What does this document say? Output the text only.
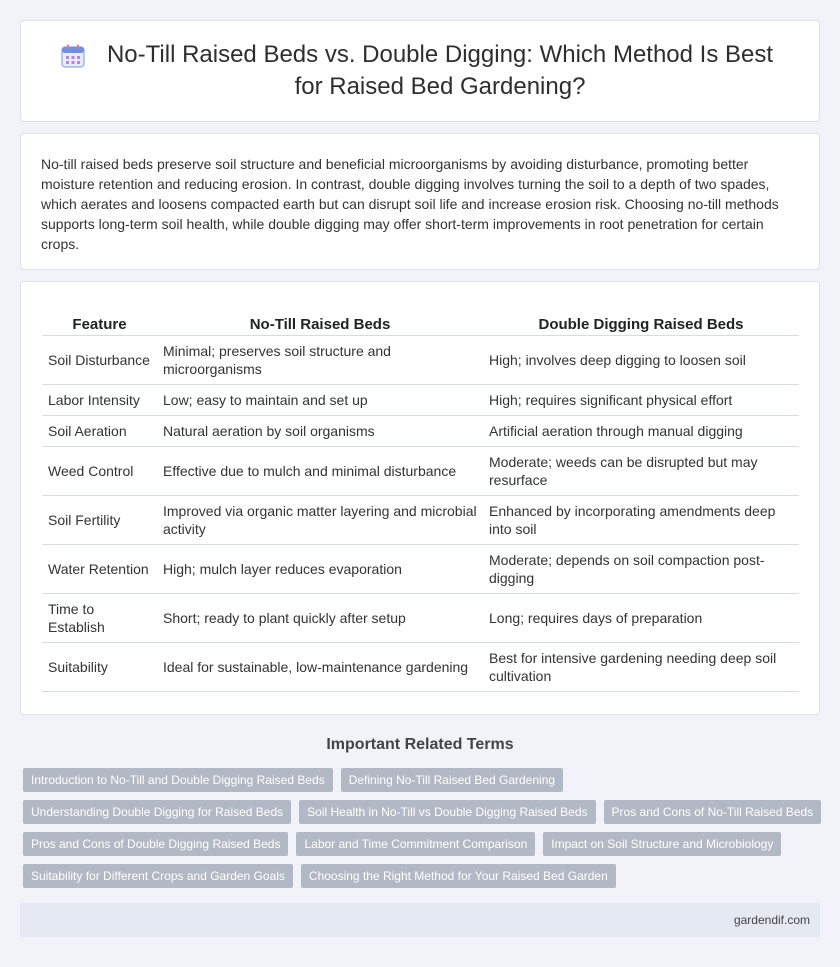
No-Till Raised Beds vs. Double Digging: Which Method Is Best for Raised Bed Gardening?

No-till raised beds preserve soil structure and beneficial microorganisms by avoiding disturbance, promoting better moisture retention and reducing erosion. In contrast, double digging involves turning the soil to a depth of two spades, which aerates and loosens compacted earth but can disrupt soil life and increase erosion risk. Choosing no-till methods supports long-term soil health, while double digging may offer short-term improvements in root penetration for certain crops.

Feature	No-Till Raised Beds	Double Digging Raised Beds
Soil Disturbance	Minimal; preserves soil structure and microorganisms	High; involves deep digging to loosen soil
Labor Intensity	Low; easy to maintain and set up	High; requires significant physical effort
Soil Aeration	Natural aeration by soil organisms	Artificial aeration through manual digging
Weed Control	Effective due to mulch and minimal disturbance	Moderate; weeds can be disrupted but may resurface
Soil Fertility	Improved via organic matter layering and microbial activity	Enhanced by incorporating amendments deep into soil
Water Retention	High; mulch layer reduces evaporation	Moderate; depends on soil compaction post-digging
Time to Establish	Short; ready to plant quickly after setup	Long; requires days of preparation
Suitability	Ideal for sustainable, low-maintenance gardening	Best for intensive gardening needing deep soil cultivation
Important Related Terms
Introduction to No-Till and Double Digging Raised Beds	Defining No-Till Raised Bed Gardening
Understanding Double Digging for Raised Beds	Soil Health in No-Till vs Double Digging Raised Beds	Pros and Cons of No-Till Raised Beds
Pros and Cons of Double Digging Raised Beds	Labor and Time Commitment Comparison	Impact on Soil Structure and Microbiology
Suitability for Different Crops and Garden Goals	Choosing the Right Method for Your Raised Bed Garden
gardendif.com
